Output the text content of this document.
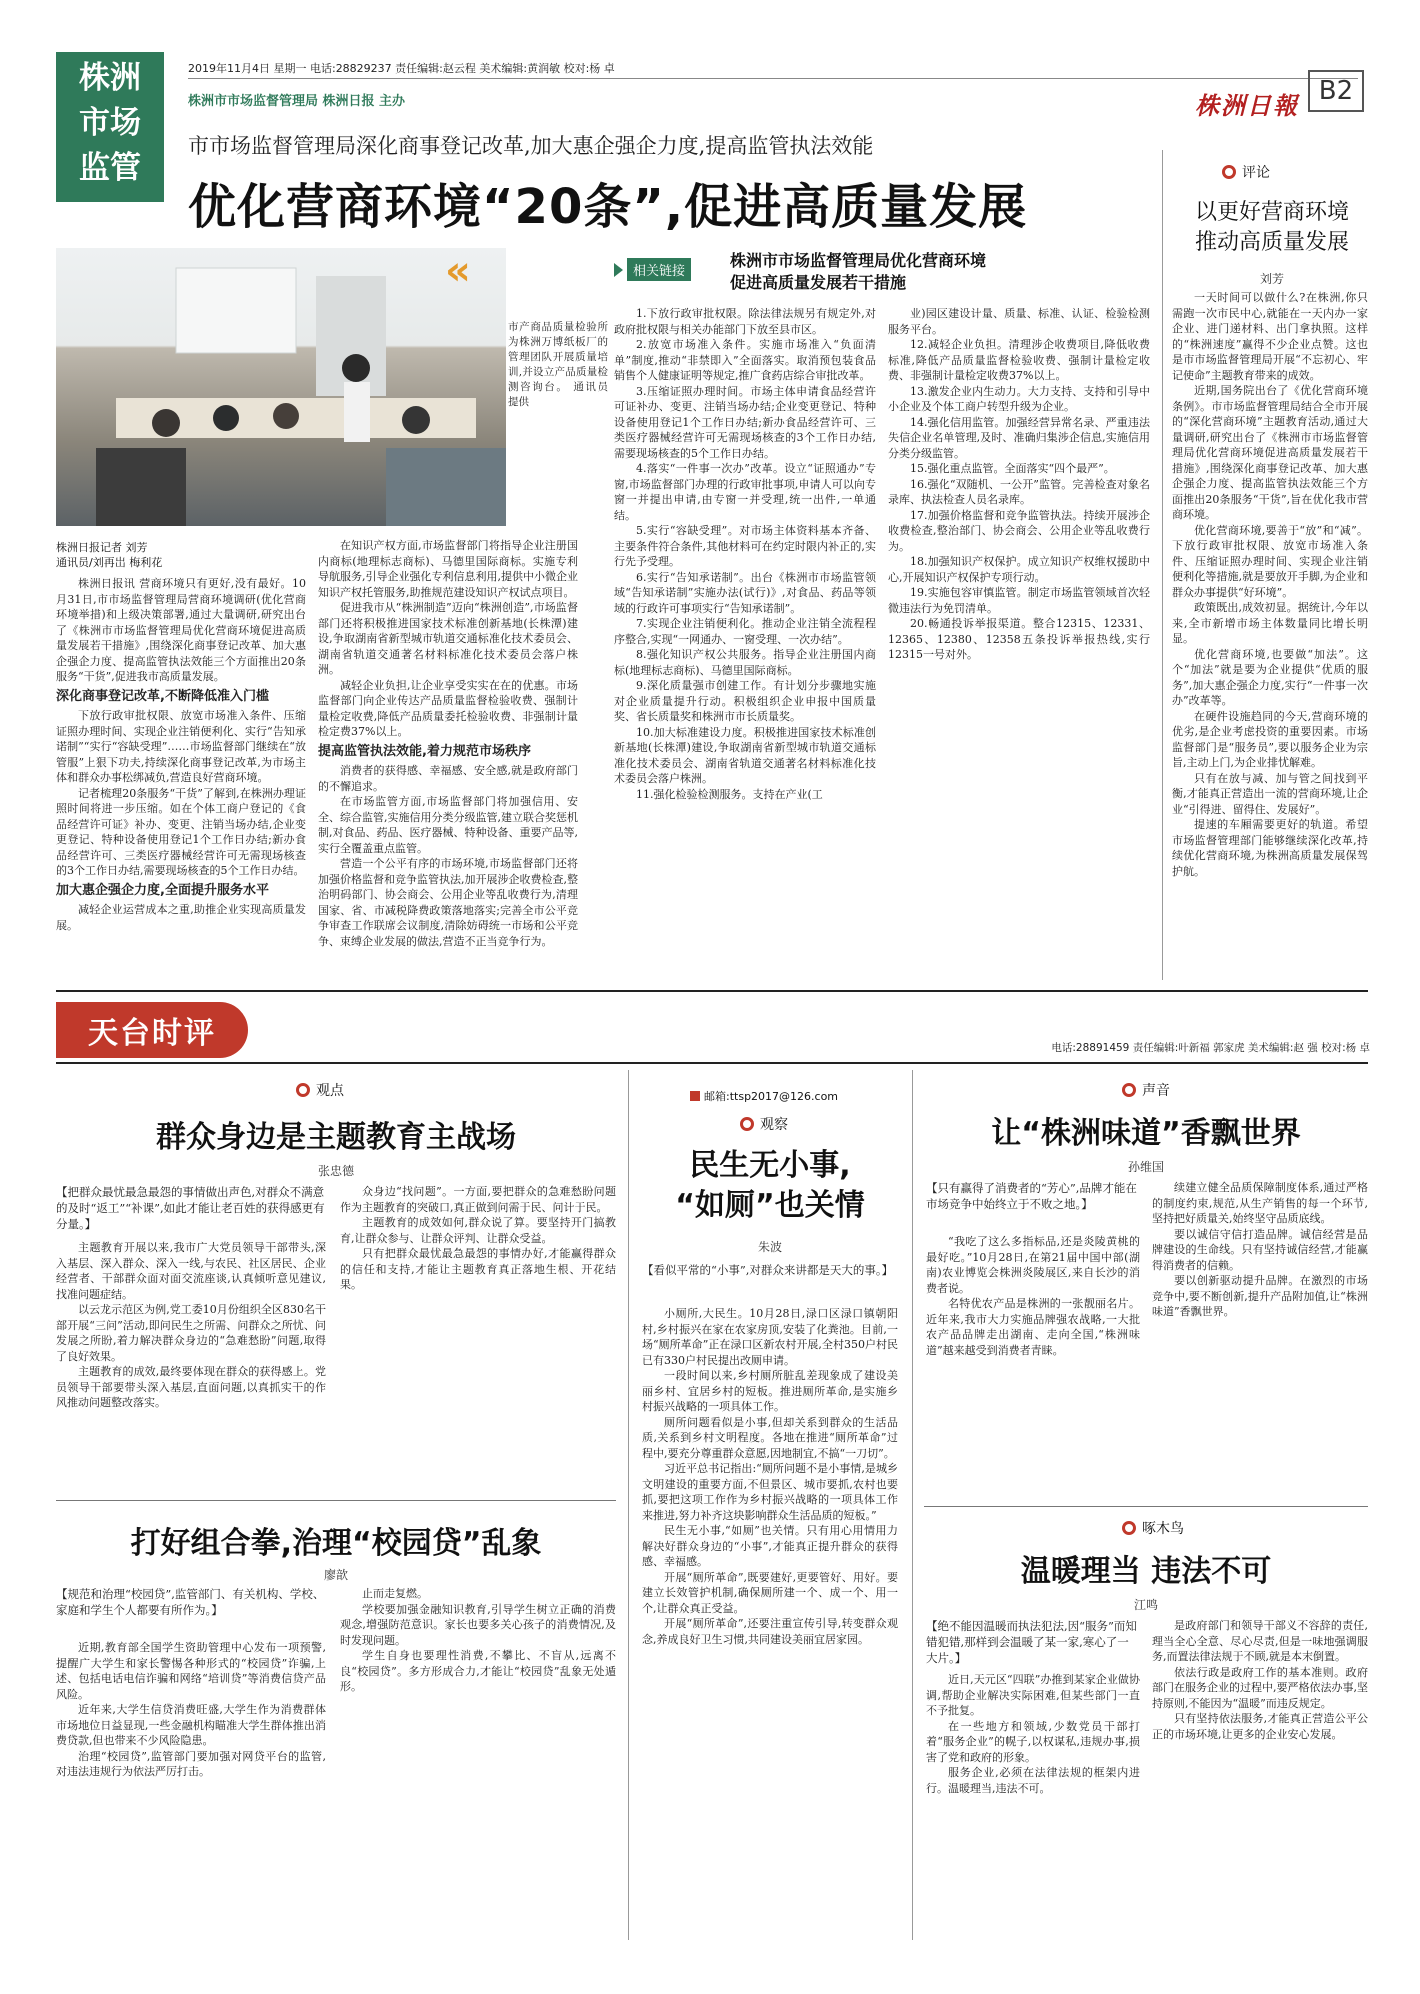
株洲
市场
监管
2019年11月4日 星期一 电话:28829237 责任编辑:赵云程 美术编辑:黄润敏 校对:杨 卓
株洲市市场监督管理局 株洲日报 主办	株洲日報 B2
市市场监督管理局深化商事登记改革,加大惠企强企力度,提高监管执法效能
优化营商环境“20条”,促进高质量发展
«
市产商品质量检验所为株洲万博纸板厂的管理团队开展质量培训,并设立产品质量检测咨询台。 通讯员 提供
株洲日报记者 刘芳
通讯员/刘再岀 梅利花

株洲日报讯 营商环境只有更好,没有最好。10月31日,市市场监督管理局营商环境调研(优化营商环境举措)和上级决策部署,通过大量调研,研究出台了《株洲市市场监督管理局优化营商环境促进高质量发展若干措施》,围绕深化商事登记改革、加大惠企强企力度、提高监管执法效能三个方面推出20条服务“干货”,促进我市高质量发展。

深化商事登记改革,不断降低准入门槛

下放行政审批权限、放宽市场准入条件、压缩证照办理时间、实现企业注销便利化、实行“告知承诺制”“实行“容缺受理”……市场监督部门继续在“放管服”上狠下功夫,持续深化商事登记改革,为市场主体和群众办事松绑减负,营造良好营商环境。

记者梳理20条服务“干货”了解到,在株洲办理证照时间将进一步压缩。如在个体工商户登记的《食品经营许可证》补办、变更、注销当场办结,企业变更登记、特种设备使用登记1个工作日办结;新办食品经营许可、三类医疗器械经营许可无需现场核查的3个工作日办结,需要现场核查的5个工作日办结。

加大惠企强企力度,全面提升服务水平

减轻企业运营成本之重,助推企业实现高质量发展。

在知识产权方面,市场监督部门将指导企业注册国内商标(地理标志商标)、马德里国际商标。实施专利导航服务,引导企业强化专利信息利用,提供中小微企业知识产权托管服务,助推规范建设知识产权试点项目。

促进我市从“株洲制造”迈向“株洲创造”,市场监督部门还将积极推进国家技术标准创新基地(长株潭)建设,争取湖南省新型城市轨道交通标准化技术委员会、湖南省轨道交通著名材料标准化技术委员会落户株洲。

减轻企业负担,让企业享受实实在在的优惠。市场监督部门向企业传达产品质量监督检验收费、强制计量检定收费,降低产品质量委托检验收费、非强制计量检定费37%以上。

提高监管执法效能,着力规范市场秩序

消费者的获得感、幸福感、安全感,就是政府部门的不懈追求。

在市场监管方面,市场监督部门将加强信用、安全、综合监管,实施信用分类分级监管,建立联合奖惩机制,对食品、药品、医疗器械、特种设备、重要产品等,实行全覆盖重点监管。

营造一个公平有序的市场环境,市场监督部门还将加强价格监督和竞争监管执法,加开展涉企收费检查,整治明码部门、协会商会、公用企业等乱收费行为,清理国家、省、市减税降费政策落地落实;完善全市公平竞争审查工作联席会议制度,清除妨碍统一市场和公平竞争、束缚企业发展的做法,营造不正当竞争行为。

相关链接
株洲市市场监督管理局优化营商环境
促进高质量发展若干措施

1.下放行政审批权限。除法律法规另有规定外,对政府批权限与相关办能部门下放至县市区。

2.放宽市场准入条件。实施市场准入“负面清单”制度,推动“非禁即入”全面落实。取消预包装食品销售个人健康证明等规定,推广食药店综合审批改革。

3.压缩证照办理时间。市场主体申请食品经营许可证补办、变更、注销当场办结;企业变更登记、特种设备使用登记1个工作日办结;新办食品经营许可、三类医疗器械经营许可无需现场核查的3个工作日办结,需要现场核查的5个工作日办结。

4.落实“一件事一次办”改革。设立“证照通办”专窗,市场监督部门办理的行政审批事项,申请人可以向专窗一并提出申请,由专窗一并受理,统一出件,一单通结。

5.实行“容缺受理”。对市场主体资料基本齐备、主要条件符合条件,其他材料可在约定时限内补正的,实行先予受理。

6.实行“告知承诺制”。出台《株洲市市场监管领域“告知承诺制”实施办法(试行)》,对食品、药品等领域的行政许可事项实行“告知承诺制”。

7.实现企业注销便利化。推动企业注销全流程程序整合,实现“一网通办、一窗受理、一次办结”。

8.强化知识产权公共服务。指导企业注册国内商标(地理标志商标)、马德里国际商标。

9.深化质量强市创建工作。有计划分步骤地实施对企业质量提升行动。积极组织企业申报中国质量奖、省长质量奖和株洲市市长质量奖。

10.加大标准建设力度。积极推进国家技术标准创新基地(长株潭)建设,争取湖南省新型城市轨道交通标准化技术委员会、湖南省轨道交通著名材料标准化技术委员会落户株洲。

11.强化检验检测服务。支持在产业(工

业)园区建设计量、质量、标准、认证、检验检测服务平台。

12.减轻企业负担。清理涉企收费项目,降低收费标准,降低产品质量监督检验收费、强制计量检定收费、非强制计量检定收费37%以上。

13.激发企业内生动力。大力支持、支持和引导中小企业及个体工商户转型升级为企业。

14.强化信用监管。加强经营异常名录、严重违法失信企业名单管理,及时、准确归集涉企信息,实施信用分类分级监管。

15.强化重点监管。全面落实“四个最严”。

16.强化“双随机、一公开”监管。完善检查对象名录库、执法检查人员名录库。

17.加强价格监督和竞争监管执法。持续开展涉企收费检查,整治部门、协会商会、公用企业等乱收费行为。

18.加强知识产权保护。成立知识产权维权援助中心,开展知识产权保护专项行动。

19.实施包容审慎监管。制定市场监管领域首次轻微违法行为免罚清单。

20.畅通投诉举报渠道。整合12315、12331、12365、12380、12358五条投诉举报热线,实行12315一号对外。

评论
以更好营商环境
推动高质量发展
刘芳

一天时间可以做什么?在株洲,你只需跑一次市民中心,就能在一天内办一家企业、进门递材料、出门拿执照。这样的“株洲速度”赢得不少企业点赞。这也是市市场监督管理局开展“不忘初心、牢记使命”主题教育带来的成效。

近期,国务院出台了《优化营商环境条例》。市市场监督管理局结合全市开展的“深化营商环境”主题教育活动,通过大量调研,研究出台了《株洲市市场监督管理局优化营商环境促进高质量发展若干措施》,围绕深化商事登记改革、加大惠企强企力度、提高监管执法效能三个方面推出20条服务“干货”,旨在优化我市营商环境。

优化营商环境,要善于“放”和“减”。下放行政审批权限、放宽市场准入条件、压缩证照办理时间、实现企业注销便利化等措施,就是要放开手脚,为企业和群众办事提供“好环境”。

政策既出,成效初显。据统计,今年以来,全市新增市场主体数量同比增长明显。

优化营商环境,也要做“加法”。这个“加法”就是要为企业提供“优质的服务”,加大惠企强企力度,实行“一件事一次办”改革等。

在硬件设施趋同的今天,营商环境的优劣,是企业考虑投资的重要因素。市场监督部门是“服务员”,要以服务企业为宗旨,主动上门,为企业排忧解难。

只有在放与减、加与管之间找到平衡,才能真正营造出一流的营商环境,让企业“引得进、留得住、发展好”。

提速的车厢需要更好的轨道。希望市场监督管理部门能够继续深化改革,持续优化营商环境,为株洲高质量发展保驾护航。

天台时评	电话:28891459 责任编辑:叶新福 郭家虎 美术编辑:赵 强 校对:杨 卓
观点
群众身边是主题教育主战场
张忠德
【把群众最忧最急最怨的事情做出声色,对群众不满意的及时“返工”“补课”,如此才能让老百姓的获得感更有分量。】

主题教育开展以来,我市广大党员领导干部带头,深入基层、深入群众、深入一线,与农民、社区居民、企业经营者、干部群众面对面交流座谈,认真倾听意见建议,找准问题症结。

以云龙示范区为例,党工委10月份组织全区830名干部开展“三问”活动,即问民生之所需、问群众之所忧、问发展之所盼,着力解决群众身边的“急难愁盼”问题,取得了良好效果。

主题教育的成效,最终要体现在群众的获得感上。党员领导干部要带头深入基层,直面问题,以真抓实干的作风推动问题整改落实。

众身边“找问题”。一方面,要把群众的急难愁盼问题作为主题教育的突破口,真正做到问需于民、问计于民。

主题教育的成效如何,群众说了算。要坚持开门搞教育,让群众参与、让群众评判、让群众受益。

只有把群众最忧最急最怨的事情办好,才能赢得群众的信任和支持,才能让主题教育真正落地生根、开花结果。

打好组合拳,治理“校园贷”乱象
廖歆
【规范和治理“校园贷”,监管部门、有关机构、学校、家庭和学生个人都要有所作为。】

近期,教育部全国学生资助管理中心发布一项预警,提醒广大学生和家长警惕各种形式的“校园贷”诈骗,上述、包括电话电信诈骗和网络“培训贷”等消费信贷产品风险。

近年来,大学生信贷消费旺盛,大学生作为消费群体市场地位日益显现,一些金融机构瞄准大学生群体推出消费贷款,但也带来不少风险隐患。

治理“校园贷”,监管部门要加强对网贷平台的监管,对违法违规行为依法严厉打击。

止而走复燃。

学校要加强金融知识教育,引导学生树立正确的消费观念,增强防范意识。家长也要多关心孩子的消费情况,及时发现问题。

学生自身也要理性消费,不攀比、不盲从,远离不良“校园贷”。多方形成合力,才能让“校园贷”乱象无处遁形。

邮箱:ttsp2017@126.com
观察
民生无小事,
“如厕”也关情
朱波
【看似平常的“小事”,对群众来讲都是天大的事。】

小厕所,大民生。10月28日,渌口区渌口镇朝阳村,乡村振兴在家在农家房顶,安装了化粪池。目前,一场“厕所革命”正在渌口区新农村开展,全村350户村民已有330户村民提出改厕申请。

一段时间以来,乡村厕所脏乱差现象成了建设美丽乡村、宜居乡村的短板。推进厕所革命,是实施乡村振兴战略的一项具体工作。

厕所问题看似是小事,但却关系到群众的生活品质,关系到乡村文明程度。各地在推进“厕所革命”过程中,要充分尊重群众意愿,因地制宜,不搞“一刀切”。

习近平总书记指出:“厕所问题不是小事情,是城乡文明建设的重要方面,不但景区、城市要抓,农村也要抓,要把这项工作作为乡村振兴战略的一项具体工作来推进,努力补齐这块影响群众生活品质的短板。”

民生无小事,“如厕”也关情。只有用心用情用力解决好群众身边的“小事”,才能真正提升群众的获得感、幸福感。

开展“厕所革命”,既要建好,更要管好、用好。要建立长效管护机制,确保厕所建一个、成一个、用一个,让群众真正受益。

开展“厕所革命”,还要注重宣传引导,转变群众观念,养成良好卫生习惯,共同建设美丽宜居家园。

声音
让“株洲味道”香飘世界
孙维国
【只有赢得了消费者的“芳心”,品牌才能在市场竞争中始终立于不败之地。】

“我吃了这么多指标品,还是炎陵黄桃的最好吃。”10月28日,在第21届中国中部(湖南)农业博览会株洲炎陵展区,来自长沙的消费者说。

名特优农产品是株洲的一张靓丽名片。近年来,我市大力实施品牌强农战略,一大批农产品品牌走出湖南、走向全国,“株洲味道”越来越受到消费者青睐。

续建立健全品质保障制度体系,通过严格的制度约束,规范,从生产销售的每一个环节,坚持把好质量关,始终坚守品质底线。

要以诚信守信打造品牌。诚信经营是品牌建设的生命线。只有坚持诚信经营,才能赢得消费者的信赖。

要以创新驱动提升品牌。在激烈的市场竞争中,要不断创新,提升产品附加值,让“株洲味道”香飘世界。

啄木鸟
温暖理当 违法不可
江鸣
【绝不能因温暖而执法犯法,因“服务”而知错犯错,那样到会温暖了某一家,寒心了一大片。】

近日,天元区“四联”办推到某家企业做协调,帮助企业解决实际困难,但某些部门一直不予批复。

在一些地方和领域,少数党员干部打着“服务企业”的幌子,以权谋私,违规办事,损害了党和政府的形象。

服务企业,必须在法律法规的框架内进行。温暖理当,违法不可。

是政府部门和领导干部义不容辞的责任,理当全心全意、尽心尽责,但是一味地强调服务,而置法律法规于不顾,就是本末倒置。

依法行政是政府工作的基本准则。政府部门在服务企业的过程中,要严格依法办事,坚持原则,不能因为“温暖”而违反规定。

只有坚持依法服务,才能真正营造公平公正的市场环境,让更多的企业安心发展。
